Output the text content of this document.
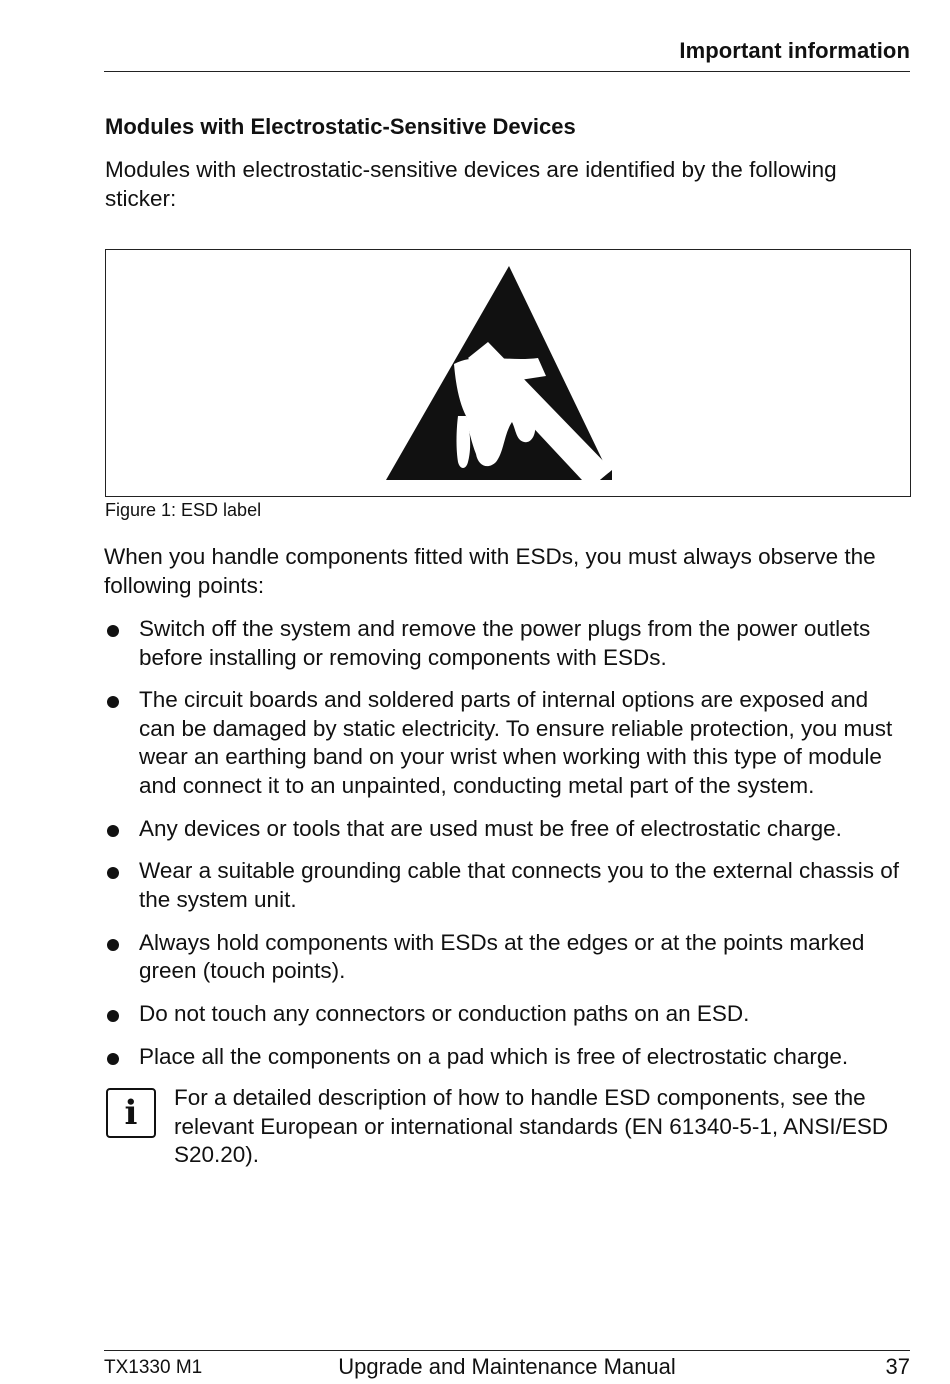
Important information
Modules with Electrostatic-Sensitive Devices
Modules with electrostatic-sensitive devices are identified by the following sticker:
Figure 1: ESD label
When you handle components fitted with ESDs, you must always observe the following points:
Switch off the system and remove the power plugs from the power outlets before installing or removing components with ESDs.
The circuit boards and soldered parts of internal options are exposed and can be damaged by static electricity. To ensure reliable protection, you must wear an earthing band on your wrist when working with this type of module and connect it to an unpainted, conducting metal part of the system.
Any devices or tools that are used must be free of electrostatic charge.
Wear a suitable grounding cable that connects you to the external chassis of the system unit.
Always hold components with ESDs at the edges or at the points marked green (touch points).
Do not touch any connectors or conduction paths on an ESD.
Place all the components on a pad which is free of electrostatic charge.
i	For a detailed description of how to handle ESD components, see the relevant European or international standards (EN 61340-5-1, ANSI/ESD S20.20).
TX1330 M1	Upgrade and Maintenance Manual	37
